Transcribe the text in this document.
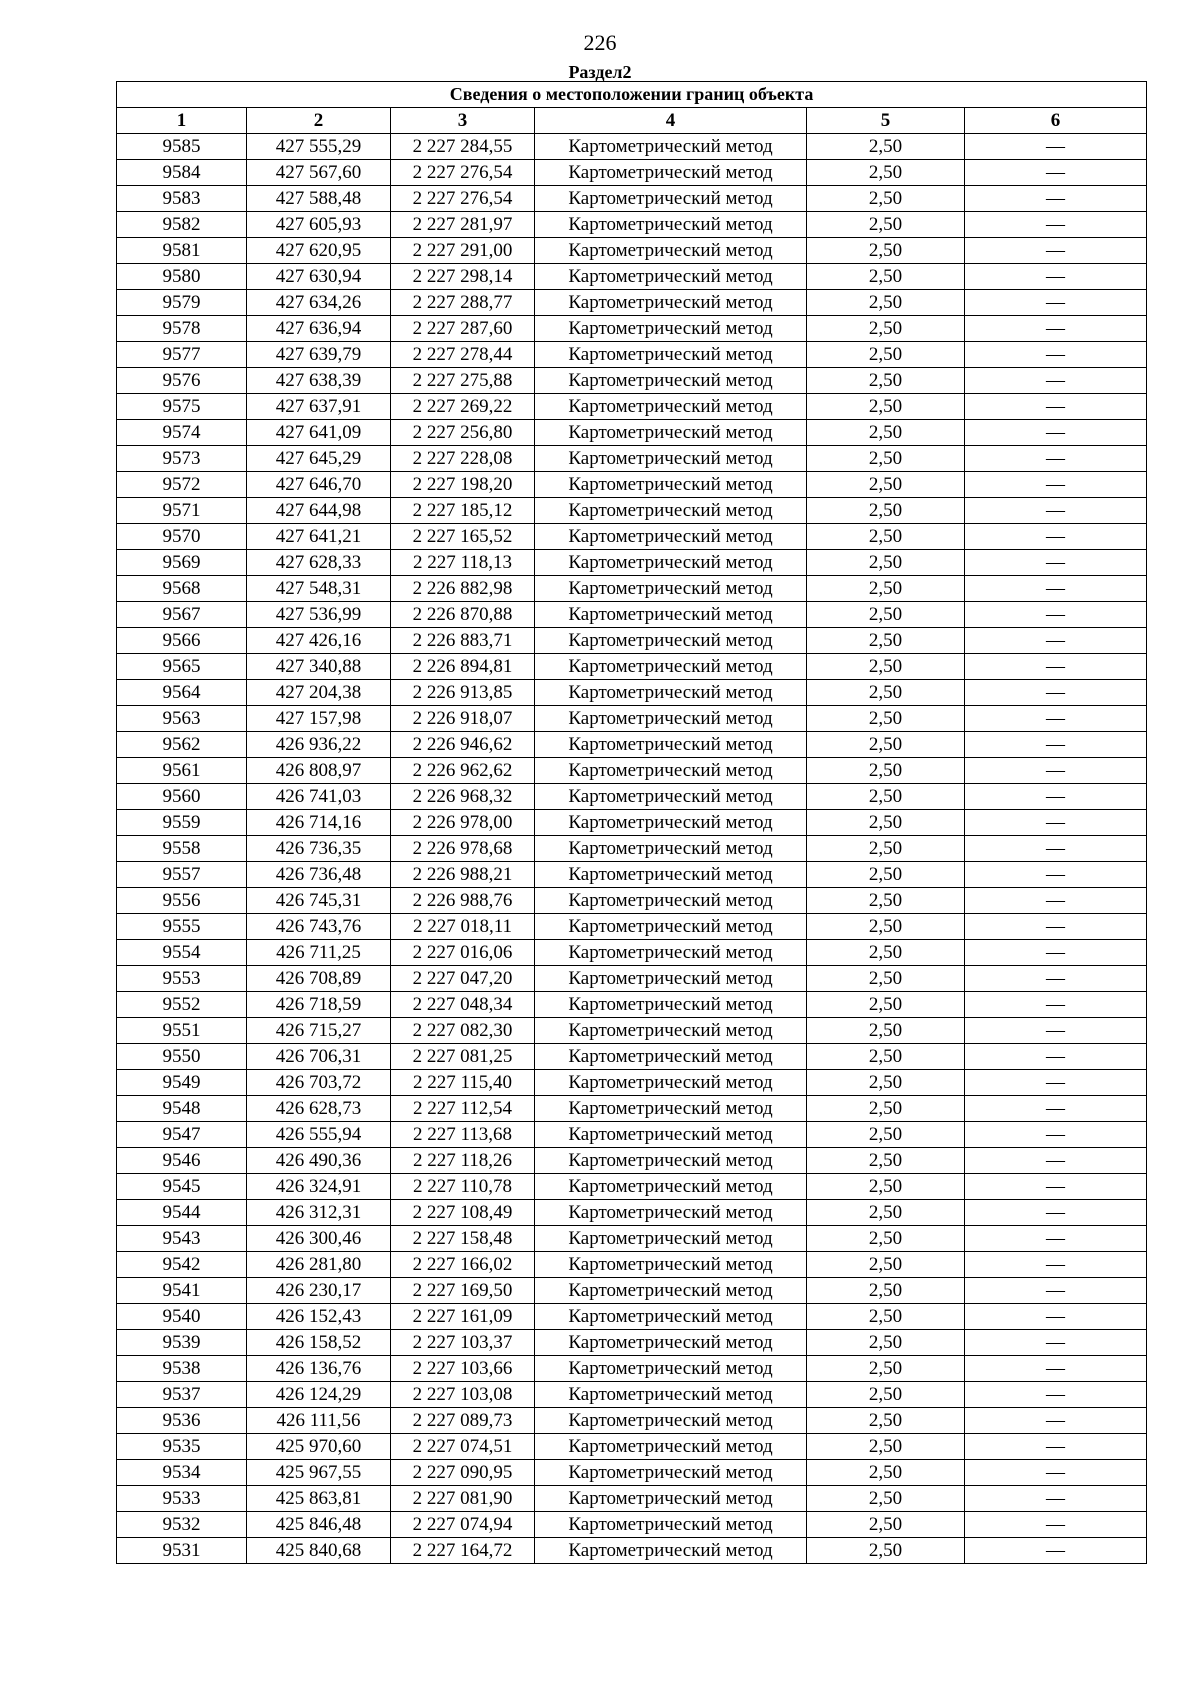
226
Раздел2
Сведения о местоположении границ объекта					
1	2	3	4	5	6
9585	427 555,29	2 227 284,55	Картометрический метод	2,50	—
9584	427 567,60	2 227 276,54	Картометрический метод	2,50	—
9583	427 588,48	2 227 276,54	Картометрический метод	2,50	—
9582	427 605,93	2 227 281,97	Картометрический метод	2,50	—
9581	427 620,95	2 227 291,00	Картометрический метод	2,50	—
9580	427 630,94	2 227 298,14	Картометрический метод	2,50	—
9579	427 634,26	2 227 288,77	Картометрический метод	2,50	—
9578	427 636,94	2 227 287,60	Картометрический метод	2,50	—
9577	427 639,79	2 227 278,44	Картометрический метод	2,50	—
9576	427 638,39	2 227 275,88	Картометрический метод	2,50	—
9575	427 637,91	2 227 269,22	Картометрический метод	2,50	—
9574	427 641,09	2 227 256,80	Картометрический метод	2,50	—
9573	427 645,29	2 227 228,08	Картометрический метод	2,50	—
9572	427 646,70	2 227 198,20	Картометрический метод	2,50	—
9571	427 644,98	2 227 185,12	Картометрический метод	2,50	—
9570	427 641,21	2 227 165,52	Картометрический метод	2,50	—
9569	427 628,33	2 227 118,13	Картометрический метод	2,50	—
9568	427 548,31	2 226 882,98	Картометрический метод	2,50	—
9567	427 536,99	2 226 870,88	Картометрический метод	2,50	—
9566	427 426,16	2 226 883,71	Картометрический метод	2,50	—
9565	427 340,88	2 226 894,81	Картометрический метод	2,50	—
9564	427 204,38	2 226 913,85	Картометрический метод	2,50	—
9563	427 157,98	2 226 918,07	Картометрический метод	2,50	—
9562	426 936,22	2 226 946,62	Картометрический метод	2,50	—
9561	426 808,97	2 226 962,62	Картометрический метод	2,50	—
9560	426 741,03	2 226 968,32	Картометрический метод	2,50	—
9559	426 714,16	2 226 978,00	Картометрический метод	2,50	—
9558	426 736,35	2 226 978,68	Картометрический метод	2,50	—
9557	426 736,48	2 226 988,21	Картометрический метод	2,50	—
9556	426 745,31	2 226 988,76	Картометрический метод	2,50	—
9555	426 743,76	2 227 018,11	Картометрический метод	2,50	—
9554	426 711,25	2 227 016,06	Картометрический метод	2,50	—
9553	426 708,89	2 227 047,20	Картометрический метод	2,50	—
9552	426 718,59	2 227 048,34	Картометрический метод	2,50	—
9551	426 715,27	2 227 082,30	Картометрический метод	2,50	—
9550	426 706,31	2 227 081,25	Картометрический метод	2,50	—
9549	426 703,72	2 227 115,40	Картометрический метод	2,50	—
9548	426 628,73	2 227 112,54	Картометрический метод	2,50	—
9547	426 555,94	2 227 113,68	Картометрический метод	2,50	—
9546	426 490,36	2 227 118,26	Картометрический метод	2,50	—
9545	426 324,91	2 227 110,78	Картометрический метод	2,50	—
9544	426 312,31	2 227 108,49	Картометрический метод	2,50	—
9543	426 300,46	2 227 158,48	Картометрический метод	2,50	—
9542	426 281,80	2 227 166,02	Картометрический метод	2,50	—
9541	426 230,17	2 227 169,50	Картометрический метод	2,50	—
9540	426 152,43	2 227 161,09	Картометрический метод	2,50	—
9539	426 158,52	2 227 103,37	Картометрический метод	2,50	—
9538	426 136,76	2 227 103,66	Картометрический метод	2,50	—
9537	426 124,29	2 227 103,08	Картометрический метод	2,50	—
9536	426 111,56	2 227 089,73	Картометрический метод	2,50	—
9535	425 970,60	2 227 074,51	Картометрический метод	2,50	—
9534	425 967,55	2 227 090,95	Картометрический метод	2,50	—
9533	425 863,81	2 227 081,90	Картометрический метод	2,50	—
9532	425 846,48	2 227 074,94	Картометрический метод	2,50	—
9531	425 840,68	2 227 164,72	Картометрический метод	2,50	—
